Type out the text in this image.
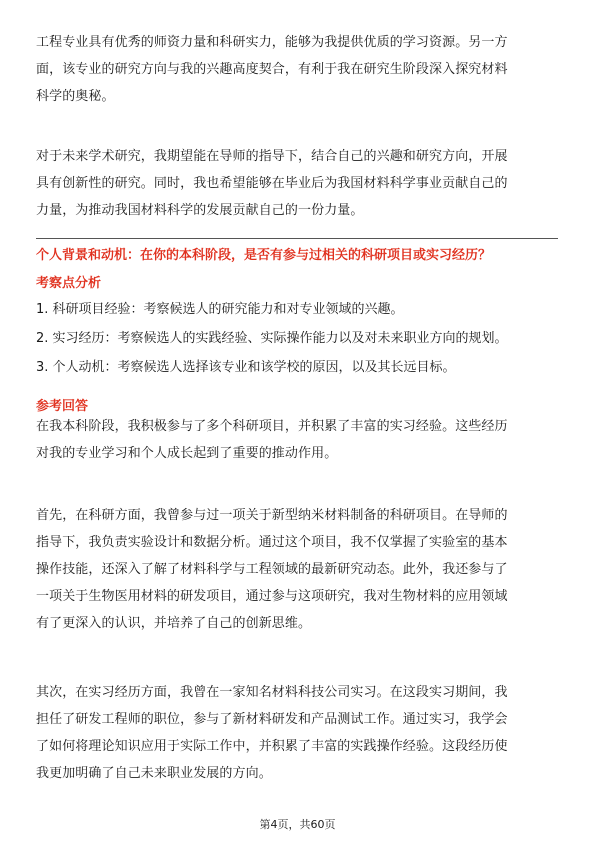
工程专业具有优秀的师资力量和科研实力，能够为我提供优质的学习资源。另一方
面，该专业的研究方向与我的兴趣高度契合，有利于我在研究生阶段深入探究材料
科学的奥秘。

对于未来学术研究，我期望能在导师的指导下，结合自己的兴趣和研究方向，开展
具有创新性的研究。同时，我也希望能够在毕业后为我国材料科学事业贡献自己的
力量，为推动我国材料科学的发展贡献自己的一份力量。

个人背景和动机：在你的本科阶段，是否有参与过相关的科研项目或实习经历？

考察点分析

1. 科研项目经验：考察候选人的研究能力和对专业领域的兴趣。

2. 实习经历：考察候选人的实践经验、实际操作能力以及对未来职业方向的规划。

3. 个人动机：考察候选人选择该专业和该学校的原因，以及其长远目标。

参考回答

在我本科阶段，我积极参与了多个科研项目，并积累了丰富的实习经验。这些经历
对我的专业学习和个人成长起到了重要的推动作用。

首先，在科研方面，我曾参与过一项关于新型纳米材料制备的科研项目。在导师的
指导下，我负责实验设计和数据分析。通过这个项目，我不仅掌握了实验室的基本
操作技能，还深入了解了材料科学与工程领域的最新研究动态。此外，我还参与了
一项关于生物医用材料的研发项目，通过参与这项研究，我对生物材料的应用领域
有了更深入的认识，并培养了自己的创新思维。

其次，在实习经历方面，我曾在一家知名材料科技公司实习。在这段实习期间，我
担任了研发工程师的职位，参与了新材料研发和产品测试工作。通过实习，我学会
了如何将理论知识应用于实际工作中，并积累了丰富的实践操作经验。这段经历使
我更加明确了自己未来职业发展的方向。

第4页，共60页
